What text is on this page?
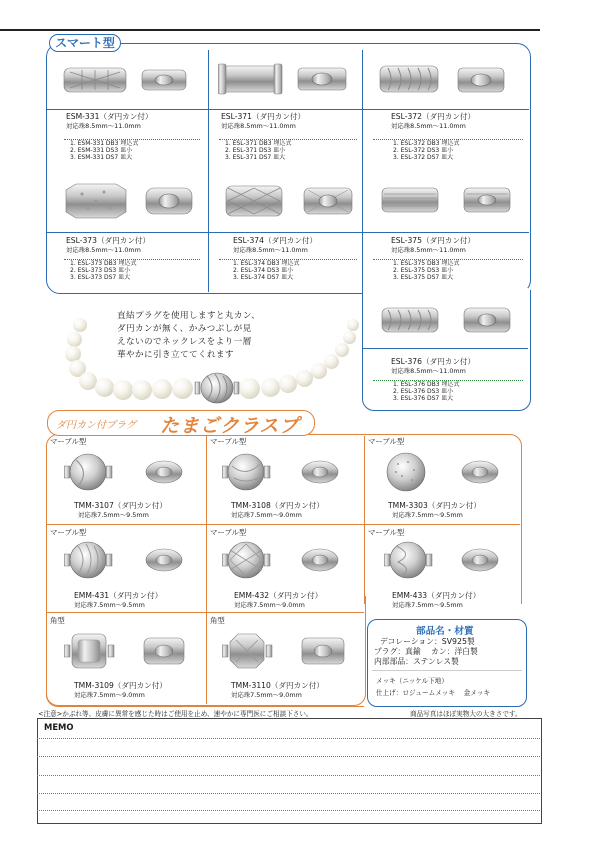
スマート型
ESM-331（ダ円カン付）
対応珠8.5mm〜11.0mm
1. ESM-331 DB3 埋込式
2. ESM-331 DS3 皿小
3. ESM-331 DS7 皿大
ESL-371（ダ円カン付）
対応珠8.5mm〜11.0mm
1. ESL-371 DB3 埋込式
2. ESL-371 DS3 皿小
3. ESL-371 DS7 皿大
ESL-372（ダ円カン付）
対応珠8.5mm〜11.0mm
1. ESL-372 DB3 埋込式
2. ESL-372 DS3 皿小
3. ESL-372 DS7 皿大
ESL-373（ダ円カン付）
対応珠8.5mm〜11.0mm
1. ESL-373 DB3 埋込式
2. ESL-373 DS3 皿小
3. ESL-373 DS7 皿大
ESL-374（ダ円カン付）
対応珠8.5mm〜11.0mm
1. ESL-374 DB3 埋込式
2. ESL-374 DS3 皿小
3. ESL-374 DS7 皿大
ESL-375（ダ円カン付）
対応珠8.5mm〜11.0mm
1. ESL-375 DB3 埋込式
2. ESL-375 DS3 皿小
3. ESL-375 DS7 皿大
ESL-376（ダ円カン付）
対応珠8.5mm〜11.0mm
1. ESL-376 DB3 埋込式
2. ESL-376 DS3 皿小
3. ESL-376 DS7 皿大
直結プラグを使用しますと丸カン、
ダ円カンが無く、かみつぶしが見
えないのでネックレスをより一層
華やかに引き立ててくれます
ダ円カン付プラグ たまごクラスプ
マーブル型	マーブル型	マーブル型
マーブル型	マーブル型	マーブル型
角型	角型
TMM-3107（ダ円カン付）
対応珠7.5mm〜9.5mm
TMM-3108（ダ円カン付）
対応珠7.5mm〜9.0mm
TMM-3303（ダ円カン付）
対応珠7.5mm〜9.5mm
EMM-431（ダ円カン付）
対応珠7.5mm〜9.5mm
EMM-432（ダ円カン付）
対応珠7.5mm〜9.0mm
EMM-433（ダ円カン付）
対応珠7.5mm〜9.5mm
TMM-3109（ダ円カン付）
対応珠7.5mm〜9.0mm
TMM-3110（ダ円カン付）
対応珠7.5mm〜9.0mm
部品名・材質
デコレーション：SV925製
プラグ：真鍮　 カン：洋白製
内部部品：ステンレス製
メッキ（ニッケル下地）
仕上げ：ロジュームメッキ　 金メッキ
<注意>かぶれ等、皮膚に異常を感じた時はご使用を止め、速やかに専門医にご相談下さい。	商品写真はほぼ実物大の大きさです。
MEMO
